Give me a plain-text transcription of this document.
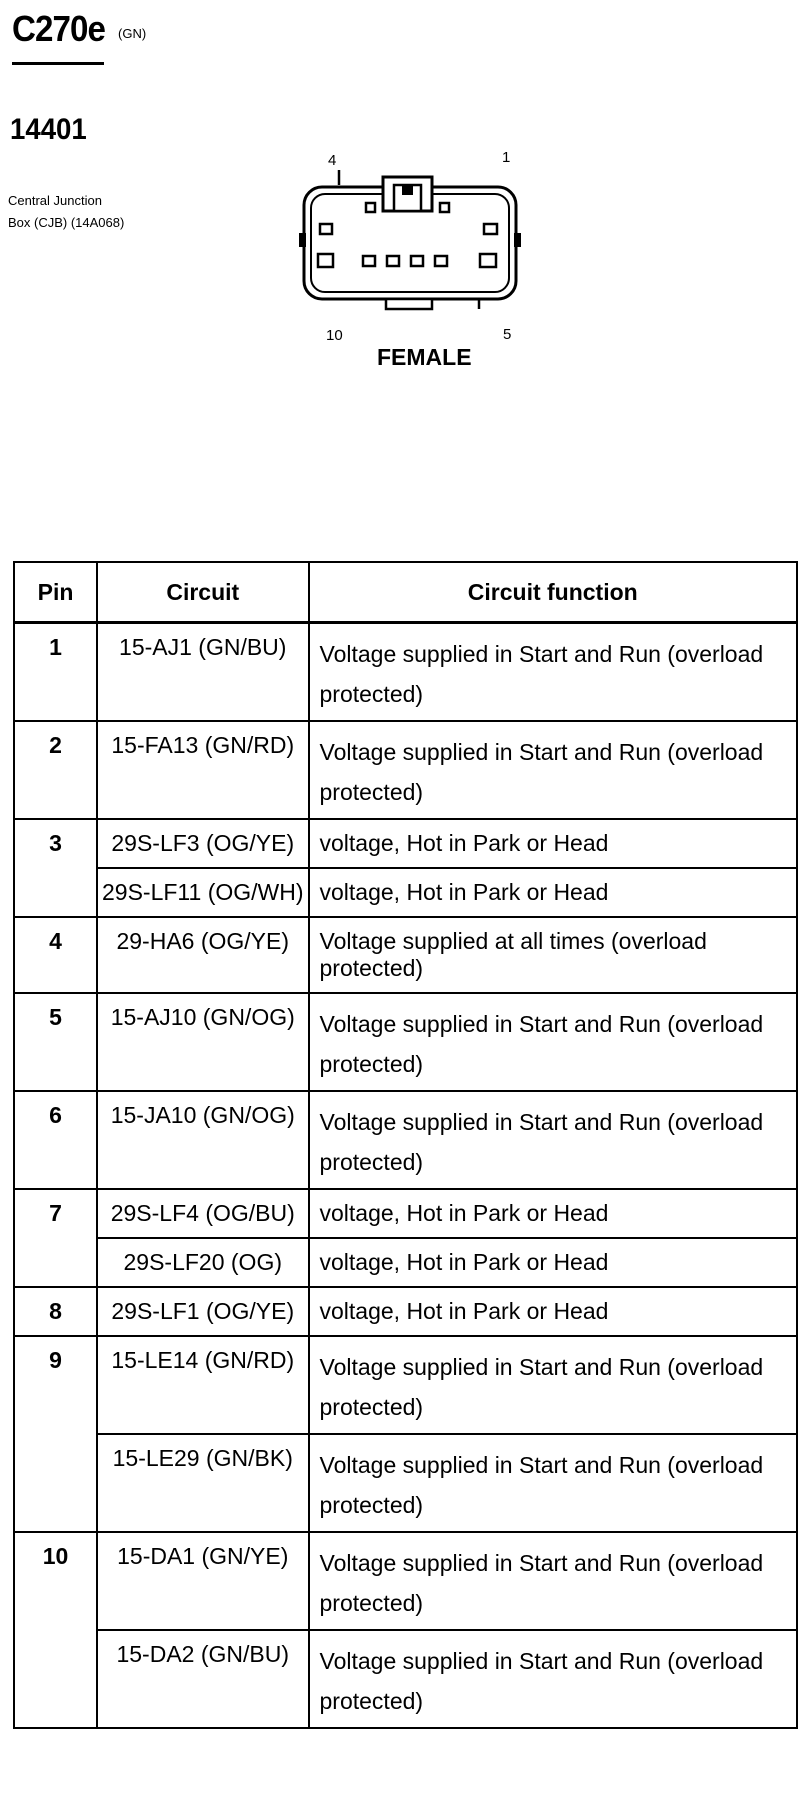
C270e (GN)
14401
Central Junction
Box (CJB) (14A068)
4	1
10	5
FEMALE
Pin	Circuit	Circuit function
1	15-AJ1 (GN/BU)	Voltage supplied in Start and Run (overload protected)
2	15-FA13 (GN/RD)	Voltage supplied in Start and Run (overload protected)
3	29S-LF3 (OG/YE)	voltage, Hot in Park or Head
	29S-LF11 (OG/WH)	voltage, Hot in Park or Head
4	29-HA6 (OG/YE)	Voltage supplied at all times (overload protected)
5	15-AJ10 (GN/OG)	Voltage supplied in Start and Run (overload protected)
6	15-JA10 (GN/OG)	Voltage supplied in Start and Run (overload protected)
7	29S-LF4 (OG/BU)	voltage, Hot in Park or Head
	29S-LF20 (OG)	voltage, Hot in Park or Head
8	29S-LF1 (OG/YE)	voltage, Hot in Park or Head
9	15-LE14 (GN/RD)	Voltage supplied in Start and Run (overload protected)
	15-LE29 (GN/BK)	Voltage supplied in Start and Run (overload protected)
10	15-DA1 (GN/YE)	Voltage supplied in Start and Run (overload protected)
	15-DA2 (GN/BU)	Voltage supplied in Start and Run (overload protected)
